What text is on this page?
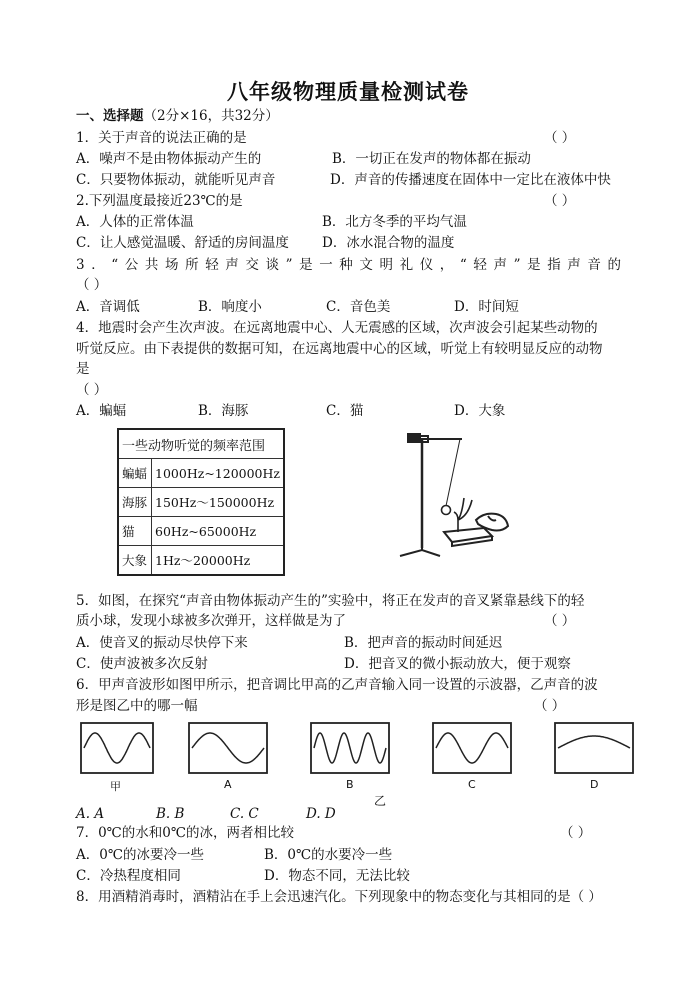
八年级物理质量检测试卷
一、选择题（2分×16，共32分）
1．关于声音的说法正确的是	（ ）
A．噪声不是由物体振动产生的	B．一切正在发声的物体都在振动
C．只要物体振动，就能听见声音	D．声音的传播速度在固体中一定比在液体中快
2.下列温度最接近23℃的是	（ ）
A．人体的正常体温	B．北方冬季的平均气温
C．让人感觉温暖、舒适的房间温度 D．冰水混合物的温度
3．“公共场所轻声交谈”是一种文明礼仪，“轻声”是指声音的
（ ）
A．音调低	B．响度小	C．音色美	D．时间短
4．地震时会产生次声波。在远离地震中心、人无震感的区域，次声波会引起某些动物的
听觉反应。由下表提供的数据可知，在远离地震中心的区域，听觉上有较明显反应的动物
是
（ ）
A．蝙蝠	B．海豚	C．猫	D．大象
一些动物听觉的频率范围	
蝙蝠	1000Hz~120000Hz
海豚	150Hz～150000Hz
猫	60Hz~65000Hz
大象	1Hz～20000Hz
5．如图，在探究“声音由物体振动产生的”实验中，将正在发声的音叉紧靠悬线下的轻
质小球，发现小球被多次弹开，这样做是为了	（ ）
A．使音叉的振动尽快停下来	B．把声音的振动时间延迟
C．使声波被多次反射	D．把音叉的微小振动放大，便于观察
6．甲声音波形如图甲所示，把音调比甲高的乙声音输入同一设置的示波器，乙声音的波
形是图乙中的哪一幅	（ ）
甲	A	B	C	D
乙
A. A	B. B	C. C	D. D
7．0℃的水和0℃的冰，两者相比较	（ ）
A．0℃的冰要冷一些	B．0℃的水要冷一些
C．冷热程度相同	D．物态不同，无法比较
8．用酒精消毒时，酒精沾在手上会迅速汽化。下列现象中的物态变化与其相同的是（ ）
